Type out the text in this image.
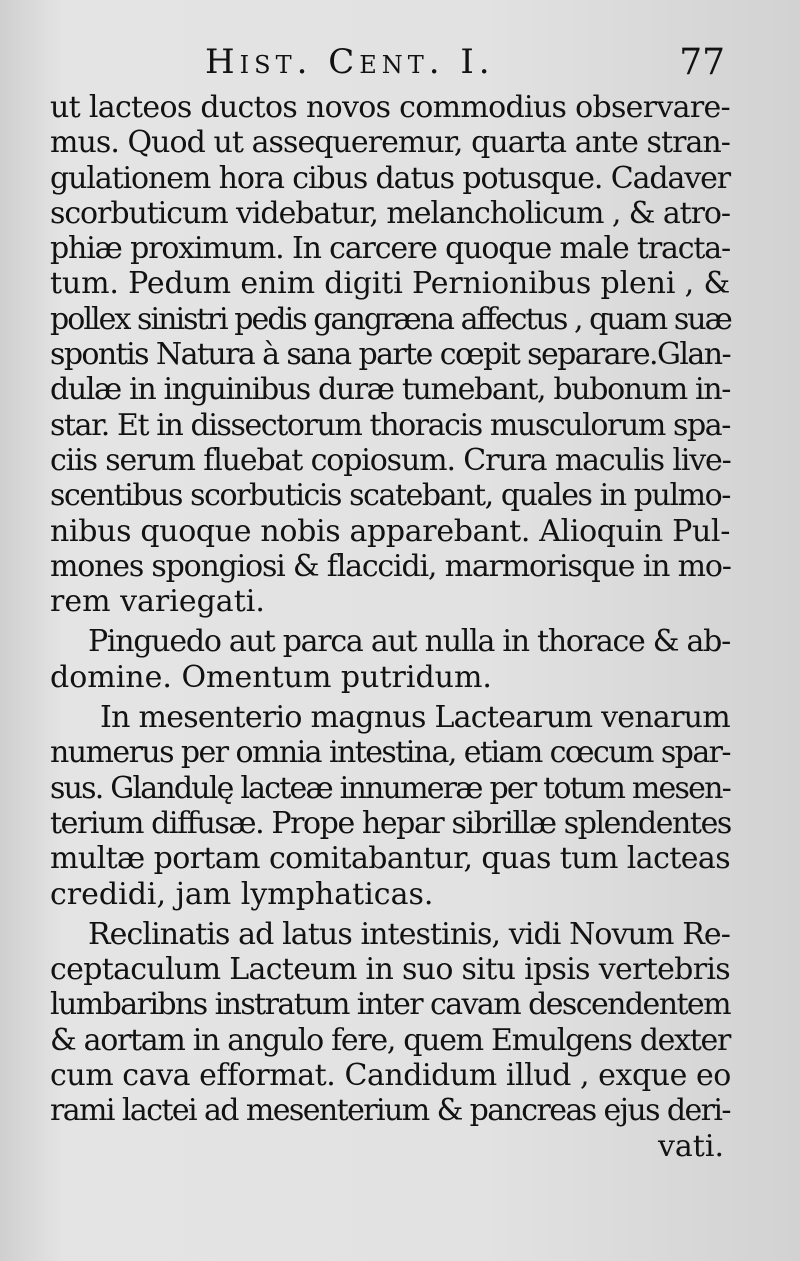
Hist. Cent. I.	77
ut lacteos ductos novos commodius observare-
mus. Quod ut assequeremur, quarta ante stran-
gulationem hora cibus datus potusque. Cadaver
scorbuticum videbatur, melancholicum , & atro-
phiæ proximum. In carcere quoque male tracta-
tum. Pedum enim digiti Pernionibus pleni , &
pollex sinistri pedis gangræna affectus , quam suæ
spontis Natura à sana parte cœpit separare.Glan-
dulæ in inguinibus duræ tumebant, bubonum in-
star. Et in dissectorum thoracis musculorum spa-
ciis serum fluebat copiosum. Crura maculis live-
scentibus scorbuticis scatebant, quales in pulmo-
nibus quoque nobis apparebant. Alioquin Pul-
mones spongiosi & flaccidi, marmorisque in mo-
rem variegati.
Pinguedo aut parca aut nulla in thorace & ab-
domine. Omentum putridum.
In mesenterio magnus Lactearum venarum
numerus per omnia intestina, etiam cœcum spar-
sus. Glandulę lacteæ innumeræ per totum mesen-
terium diffusæ. Prope hepar sibrillæ splendentes
multæ portam comitabantur, quas tum lacteas
credidi, jam lymphaticas.
Reclinatis ad latus intestinis, vidi Novum Re-
ceptaculum Lacteum in suo situ ipsis vertebris
lumbaribns instratum inter cavam descendentem
& aortam in angulo fere, quem Emulgens dexter
cum cava efformat. Candidum illud , exque eo
rami lactei ad mesenterium & pancreas ejus deri-
vati.
